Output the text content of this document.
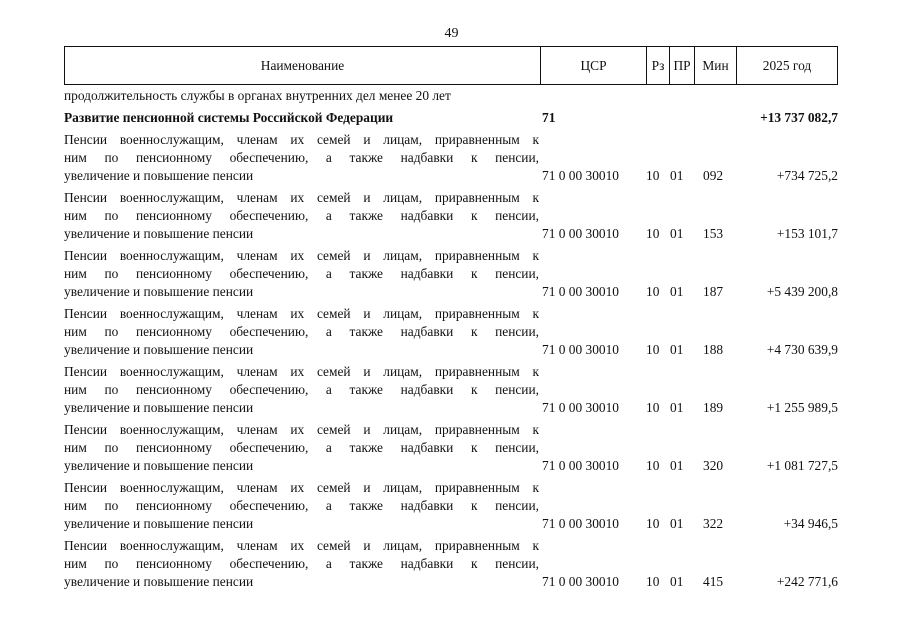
49
Наименование	ЦСР	Рз ПР Мин	2025 год
продолжительность службы в органах внутренних дел менее 20 лет
Развитие пенсионной системы Российской Федерации	71	+13 737 082,7
Пенсии военнослужащим, членам их семей и лицам, приравненным к
ним по пенсионному обеспечению, а также надбавки к пенсии,
увеличение и повышение пенсии	71 0 00 30010 10 01 092	+734 725,2
Пенсии военнослужащим, членам их семей и лицам, приравненным к
ним по пенсионному обеспечению, а также надбавки к пенсии,
увеличение и повышение пенсии	71 0 00 30010 10 01 153	+153 101,7
Пенсии военнослужащим, членам их семей и лицам, приравненным к
ним по пенсионному обеспечению, а также надбавки к пенсии,
увеличение и повышение пенсии	71 0 00 30010 10 01 187	+5 439 200,8
Пенсии военнослужащим, членам их семей и лицам, приравненным к
ним по пенсионному обеспечению, а также надбавки к пенсии,
увеличение и повышение пенсии	71 0 00 30010 10 01 188	+4 730 639,9
Пенсии военнослужащим, членам их семей и лицам, приравненным к
ним по пенсионному обеспечению, а также надбавки к пенсии,
увеличение и повышение пенсии	71 0 00 30010 10 01 189	+1 255 989,5
Пенсии военнослужащим, членам их семей и лицам, приравненным к
ним по пенсионному обеспечению, а также надбавки к пенсии,
увеличение и повышение пенсии	71 0 00 30010 10 01 320	+1 081 727,5
Пенсии военнослужащим, членам их семей и лицам, приравненным к
ним по пенсионному обеспечению, а также надбавки к пенсии,
увеличение и повышение пенсии	71 0 00 30010 10 01 322	+34 946,5
Пенсии военнослужащим, членам их семей и лицам, приравненным к
ним по пенсионному обеспечению, а также надбавки к пенсии,
увеличение и повышение пенсии	71 0 00 30010 10 01 415	+242 771,6
